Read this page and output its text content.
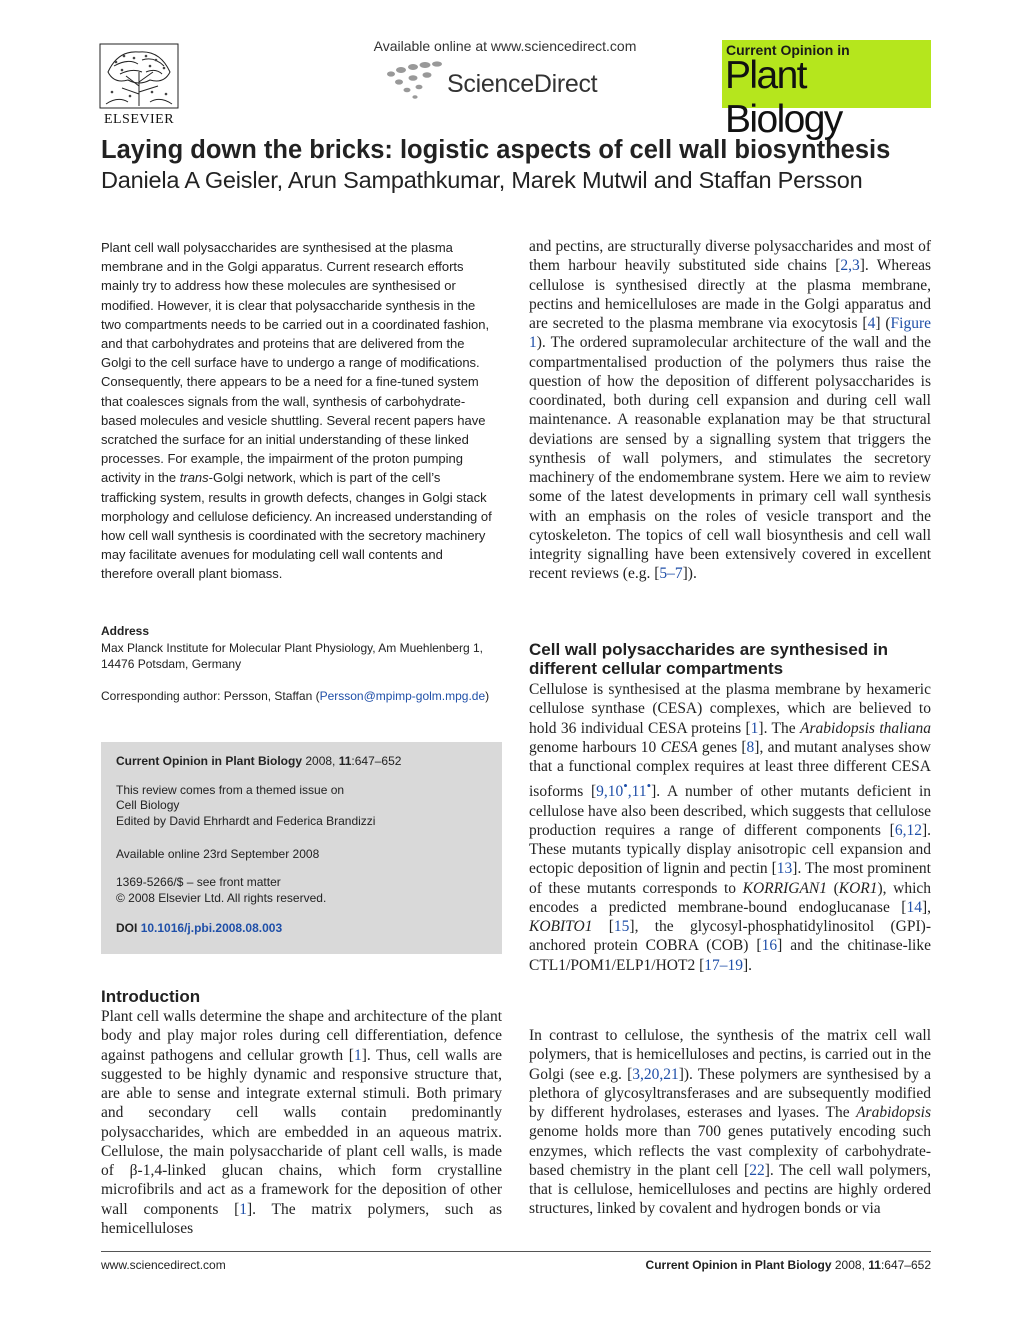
ELSEVIER
Available online at www.sciencedirect.com
ScienceDirect
Current Opinion in
Plant Biology
Laying down the bricks: logistic aspects of cell wall biosynthesis
Daniela A Geisler, Arun Sampathkumar, Marek Mutwil and Staffan Persson
Plant cell wall polysaccharides are synthesised at the plasma membrane and in the Golgi apparatus. Current research efforts mainly try to address how these molecules are synthesised or modified. However, it is clear that polysaccharide synthesis in the two compartments needs to be carried out in a coordinated fashion, and that carbohydrates and proteins that are delivered from the Golgi to the cell surface have to undergo a range of modifications. Consequently, there appears to be a need for a fine-tuned system that coalesces signals from the wall, synthesis of carbohydrate-based molecules and vesicle shuttling. Several recent papers have scratched the surface for an initial understanding of these linked processes. For example, the impairment of the proton pumping activity in the trans-Golgi network, which is part of the cell’s trafficking system, results in growth defects, changes in Golgi stack morphology and cellulose deficiency. An increased understanding of how cell wall synthesis is coordinated with the secretory machinery may facilitate avenues for modulating cell wall contents and therefore overall plant biomass.
Address
Max Planck Institute for Molecular Plant Physiology, Am Muehlenberg 1, 14476 Potsdam, Germany
Corresponding author: Persson, Staffan (Persson@mpimp-golm.mpg.de)
Current Opinion in Plant Biology 2008, 11:647–652
This review comes from a themed issue on
Cell Biology
Edited by David Ehrhardt and Federica Brandizzi
Available online 23rd September 2008
1369-5266/$ – see front matter
© 2008 Elsevier Ltd. All rights reserved.
DOI 10.1016/j.pbi.2008.08.003
Introduction
Plant cell walls determine the shape and architecture of the plant body and play major roles during cell differentiation, defence against pathogens and cellular growth [1]. Thus, cell walls are suggested to be highly dynamic and responsive structure that, are able to sense and integrate external stimuli. Both primary and secondary cell walls contain predominantly polysaccharides, which are embedded in an aqueous matrix. Cellulose, the main polysaccharide of plant cell walls, is made of β-1,4-linked glucan chains, which form crystalline microfibrils and act as a framework for the deposition of other wall components [1]. The matrix polymers, such as hemicelluloses
and pectins, are structurally diverse polysaccharides and most of them harbour heavily substituted side chains [2,3]. Whereas cellulose is synthesised directly at the plasma membrane, pectins and hemicelluloses are made in the Golgi apparatus and are secreted to the plasma membrane via exocytosis [4] (Figure 1). The ordered supramolecular architecture of the wall and the compartmentalised production of the polymers thus raise the question of how the deposition of different polysaccharides is coordinated, both during cell expansion and during cell wall maintenance. A reasonable explanation may be that structural deviations are sensed by a signalling system that triggers the synthesis of wall polymers, and stimulates the secretory machinery of the endomembrane system. Here we aim to review some of the latest developments in primary cell wall synthesis with an emphasis on the roles of vesicle transport and the cytoskeleton. The topics of cell wall biosynthesis and cell wall integrity signalling have been extensively covered in excellent recent reviews (e.g. [5–7]).
Cell wall polysaccharides are synthesised in different cellular compartments
Cellulose is synthesised at the plasma membrane by hexameric cellulose synthase (CESA) complexes, which are believed to hold 36 individual CESA proteins [1]. The Arabidopsis thaliana genome harbours 10 CESA genes [8], and mutant analyses show that a functional complex requires at least three different CESA isoforms [9,10•,11•]. A number of other mutants deficient in cellulose have also been described, which suggests that cellulose production requires a range of different components [6,12]. These mutants typically display anisotropic cell expansion and ectopic deposition of lignin and pectin [13]. The most prominent of these mutants corresponds to KORRIGAN1 (KOR1), which encodes a predicted membrane-bound endoglucanase [14], KOBITO1 [15], the glycosyl-phosphatidylinositol (GPI)-anchored protein COBRA (COB) [16] and the chitinase-like CTL1/POM1/ELP1/HOT2 [17–19].
In contrast to cellulose, the synthesis of the matrix cell wall polymers, that is hemicelluloses and pectins, is carried out in the Golgi (see e.g. [3,20,21]). These polymers are synthesised by a plethora of glycosyltransferases and are subsequently modified by different hydrolases, esterases and lyases. The Arabidopsis genome holds more than 700 genes putatively encoding such enzymes, which reflects the vast complexity of carbohydrate-based chemistry in the plant cell [22]. The cell wall polymers, that is cellulose, hemicelluloses and pectins are highly ordered structures, linked by covalent and hydrogen bonds or via
www.sciencedirect.com	Current Opinion in Plant Biology 2008, 11:647–652
